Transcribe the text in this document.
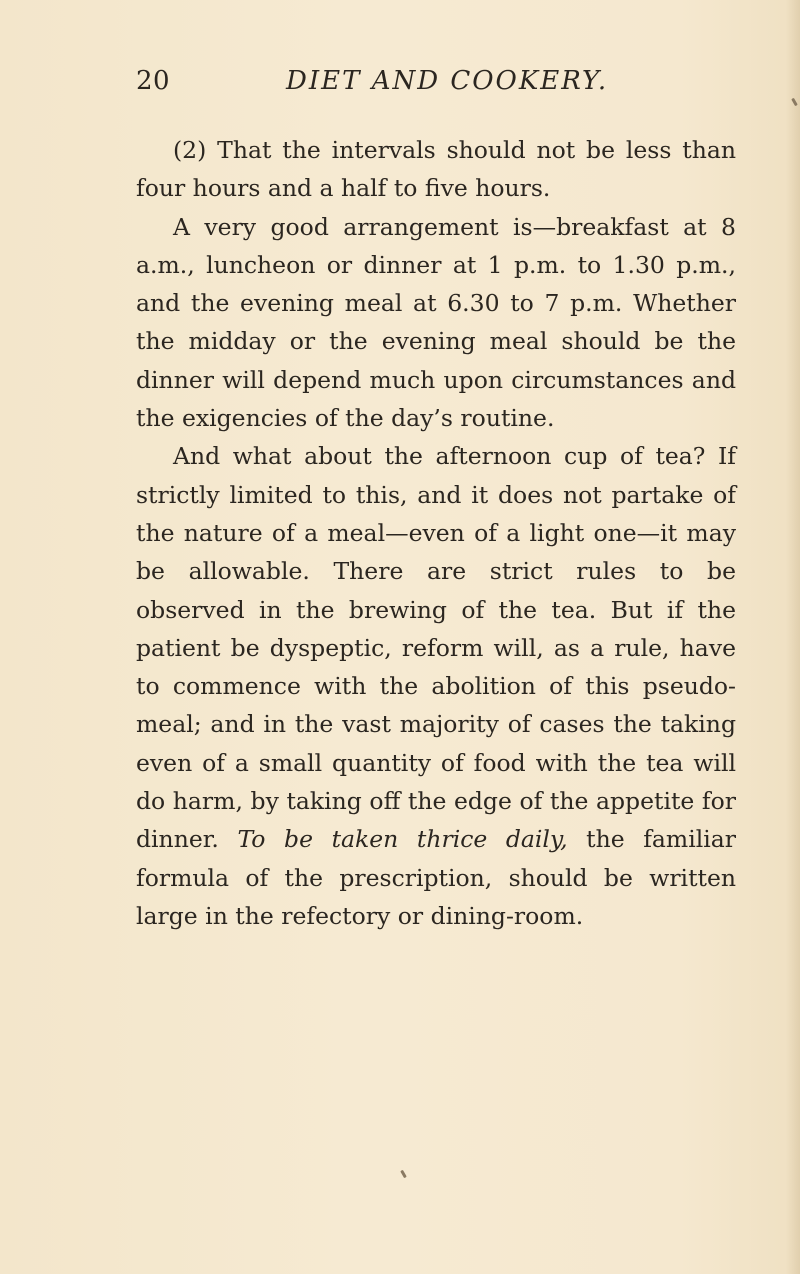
20	DIET AND COOKERY.

(2) That the intervals should not be less than four hours and a half to five hours.

A very good arrangement is—breakfast at 8 a.m., luncheon or dinner at 1 p.m. to 1.30 p.m., and the evening meal at 6.30 to 7 p.m. Whether the midday or the evening meal should be the dinner will depend much upon circumstances and the exigencies of the day’s routine.

And what about the afternoon cup of tea? If strictly limited to this, and it does not partake of the nature of a meal—even of a light one—it may be allowable. There are strict rules to be observed in the brewing of the tea. But if the patient be dyspeptic, reform will, as a rule, have to commence with the abolition of this pseudo-meal; and in the vast majority of cases the taking even of a small quantity of food with the tea will do harm, by taking off the edge of the appetite for dinner. To be taken thrice daily, the familiar formula of the prescription, should be written large in the refectory or dining-room.
